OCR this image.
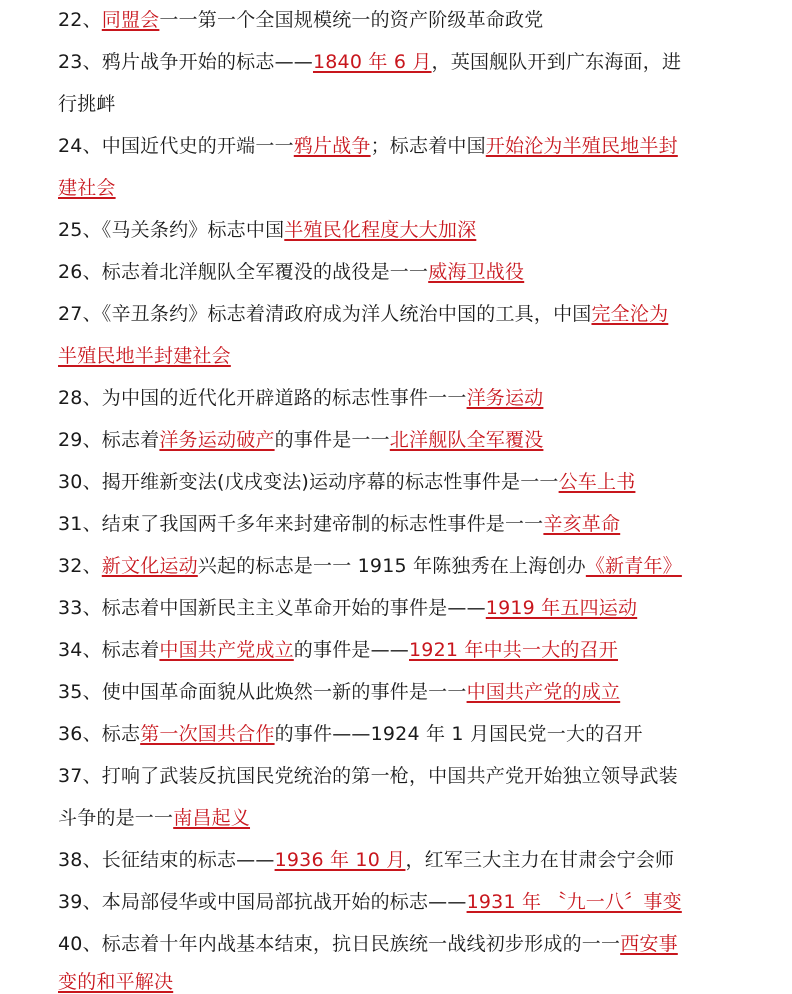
22、同盟会一一第一个全国规模统一的资产阶级革命政党
23、鸦片战争开始的标志——1840 年 6 月，英国舰队开到广东海面，进
行挑衅
24、中国近代史的开端一一鸦片战争；标志着中国开始沦为半殖民地半封
建社会
25、《马关条约》标志中国半殖民化程度大大加深
26、标志着北洋舰队全军覆没的战役是一一威海卫战役
27、《辛丑条约》标志着清政府成为洋人统治中国的工具，中国完全沦为
半殖民地半封建社会
28、为中国的近代化开辟道路的标志性事件一一洋务运动
29、标志着洋务运动破产的事件是一一北洋舰队全军覆没
30、揭开维新变法(戊戌变法)运动序幕的标志性事件是一一公车上书
31、结束了我国两千多年来封建帝制的标志性事件是一一辛亥革命
32、新文化运动兴起的标志是一一 1915 年陈独秀在上海创办《新青年》
33、标志着中国新民主主义革命开始的事件是——1919 年五四运动
34、标志着中国共产党成立的事件是——1921 年中共一大的召开
35、使中国革命面貌从此焕然一新的事件是一一中国共产党的成立
36、标志第一次国共合作的事件——1924 年 1 月国民党一大的召开
37、打响了武装反抗国民党统治的第一枪，中国共产党开始独立领导武装
斗争的是一一南昌起义
38、长征结束的标志——1936 年 10 月，红军三大主力在甘肃会宁会师
39、本局部侵华或中国局部抗战开始的标志——1931 年 〝九一八〞事变
40、标志着十年内战基本结束，抗日民族统一战线初步形成的一一西安事
变的和平解决
